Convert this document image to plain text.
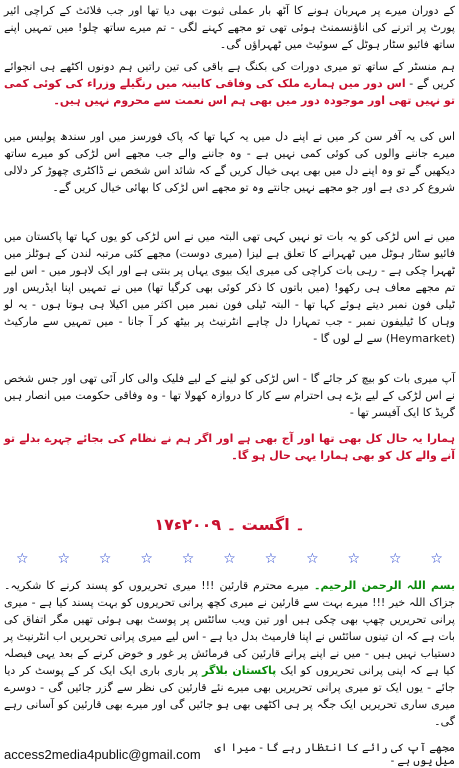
کے دوران میرے پر مہربان ہونے کا آٹھ بار عملی ثبوت بھی دیا تھا اور جب فلائٹ کے کراچی ائیر پورٹ پر اترنے کی اناؤنسمنٹ ہوئی تھی تو مجھے کہنے لگی - تم میرے ساتھ چلو! میں تمہیں اپنے ساتھ فائیو سٹار ہوٹل کے سوئیٹ میں ٹھہراؤں گی۔
ہم منسٹر کے ساتھ تو میری دورات کی بکنگ ہے باقی کی تین راتیں ہم دونوں اکٹھے ہی انجوائے کریں گے - اس دور میں ہمارے ملک کی وفاقی کابینہ میں رنگیلے وزراء کی کوئی کمی تو نہیں تھی اور موجودہ دور میں بھی ہم اس نعمت سے محروم نہیں ہیں۔
اس کی یہ آفر سن کر میں نے اپنے دل میں یہ کہا تھا کہ پاک فورسز میں اور سندھ پولیس میں میرے جاننے والوں کی کوئی کمی نہیں ہے - وہ جاننے والے جب مجھے اس لڑکی کو میرے ساتھ دیکھیں گے تو وہ اپنے دل میں بھی یہی خیال کریں گے کہ شائد اس شخص نے ڈاکٹری چھوڑ کر دلالی شروع کر دی ہے اور جو مجھے نہیں جانتے وہ تو مجھے اس لڑکی کا بھائی خیال کریں گے۔
میں نے اس لڑکی کو یہ بات تو نہیں کہی تھی البتہ میں نے اس لڑکی کو یوں کہا تھا پاکستان میں فائیو سٹار ہوٹل میں ٹھہرانے کا تعلق ہے لیزا (میری دوست) مجھے کئی مرتبہ لندن کے ہوٹلز میں ٹھہرا چکی ہے - رہی بات کراچی کی میری ایک بیوی یہاں پر بنتی ہے اور ایک لاہور میں - اس لیے تم مجھے معاف ہی رکھو! (میں باتوں کا ذکر کوئی بھی کرگیا تھا) میں نے تمہیں اپنا ایڈریس اور ٹیلی فون نمبر دیتے ہوئے کہا تھا - البتہ ٹیلی فون نمبر میں اکثر میں اکیلا ہی ہوتا ہوں - یہ لو وہاں کا ٹیلیفون نمبر - جب تمہارا دل چاہے انٹرنیٹ پر بیٹھ کر آ جانا - میں تمہیں سے مارکیٹ (Heymarket) سے لے لوں گا -
آپ میری بات کو بیچ کر جائے گا - اس لڑکی کو لینے کے لیے فلیک والی کار آئی تھی اور جس شخص نے اس لڑکی کے لیے بڑے ہی احترام سے کار کا دروازہ کھولا تھا - وہ وفاقی حکومت میں انصار ہیں گریڈ کا ایک آفیسر تھا -
ہمارا یہ حال کل بھی تھا اور آج بھی ہے اور اگر ہم نے نظام کی بجائے چہرے بدلے تو آنے والے کل کو بھی ہمارا یہی حال ہو گا۔
۱۷۔ اگست ۔ ۲۰۰۹ء
☆ ☆ ☆ ☆ ☆ ☆ ☆ ☆ ☆ ☆ ☆
بسم اللہ الرحمن الرحیم۔ میرے محترم قارئین !!! میری تحریروں کو پسند کرنے کا شکریہ۔ جزاک اللہ خیر !!! میرے بہت سے قارئین نے میری کچھ پرانی تحریروں کو بہت پسند کیا ہے - میری پرانی تحریریں چھپ بھی چکی ہیں اور تین ویب سائٹس پر پوسٹ بھی ہوئی تھیں مگر اتفاق کی بات ہے کہ ان تینوں سائٹس نے اپنا فارمیٹ بدل دیا ہے - اس لیے میری پرانی تحریریں اب انٹرنیٹ پر دستیاب نہیں ہیں - میں نے اپنے پرانے قارئین کی فرمائش پر غور و خوض کرنے کے بعد یہی فیصلہ کیا ہے کہ اپنی پرانی تحریروں کو ایک پاکستان بلاگر پر باری باری ایک ایک کر کے پوسٹ کر دیا جائے - یوں ایک تو میری پرانی تحریریں بھی میرے نئے قارئین کی نظر سے گزر جائیں گی - دوسرے میری ساری تحریریں ایک جگہ پر ہی اکٹھی بھی ہو جائیں گی اور میرے بھی قارئین کو آسانی رہے گی۔
access2media4public@gmail.com	مجھے آپ کی رائے کا انتظار رہے گا - میرا ای میل یوں ہے -
